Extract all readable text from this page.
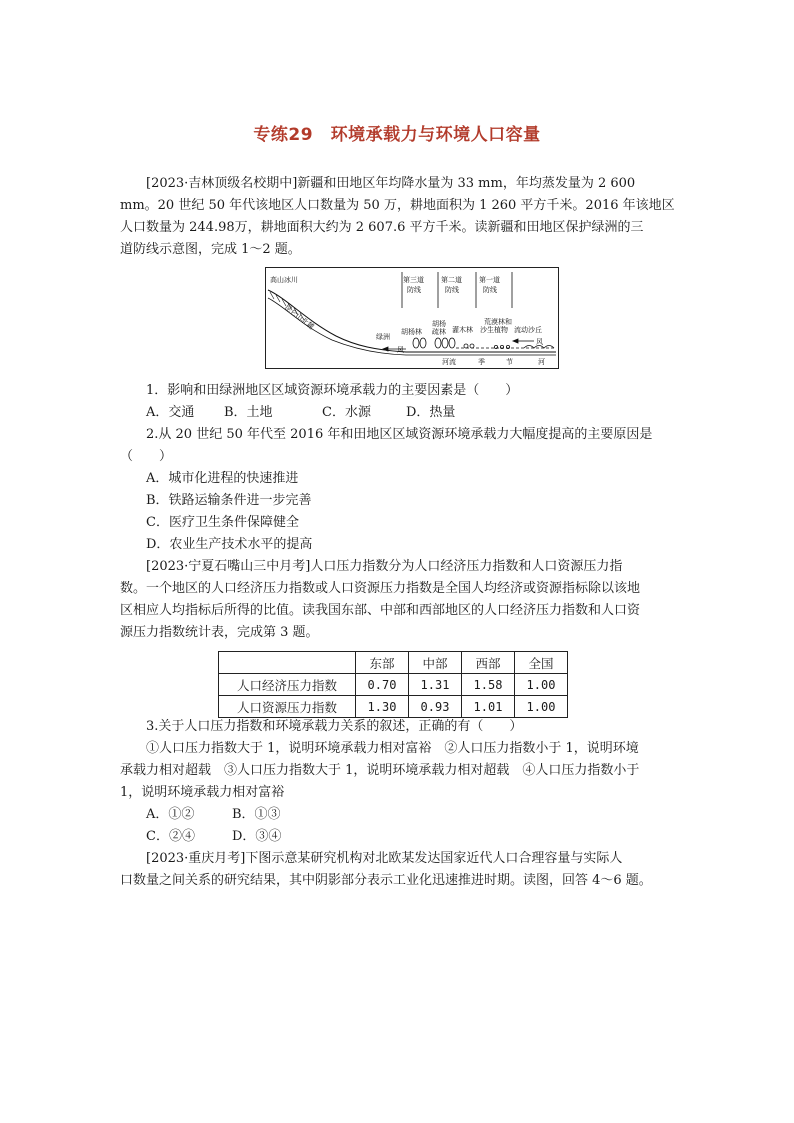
专练29　环境承载力与环境人口容量
[2023·吉林顶级名校期中]新疆和田地区年均降水量为 33 mm，年均蒸发量为 2 600
mm。20 世纪 50 年代该地区人口数量为 50 万，耕地面积为 1 260 平方千米。2016 年该地区
人口数量为 244.98万，耕地面积大约为 2 607.6 平方千米。读新疆和田地区保护绿洲的三
道防线示意图，完成 1～2 题。
高山冰川
昆仑山北麓
第三道
防线
第二道
防线
第一道
防线
绿洲
胡杨林
胡杨
疏林 灌木林
荒漠林和
沙生植物 流动沙丘
风
风
河流	季	节	河
1．影响和田绿洲地区区域资源环境承载力的主要因素是（　　）
A．交通 B．土地	C．水源	D．热量
2.从 20 世纪 50 年代至 2016 年和田地区区域资源环境承载力大幅度提高的主要原因是
（　　）
A．城市化进程的快速推进
B．铁路运输条件进一步完善
C．医疗卫生条件保障健全
D．农业生产技术水平的提高
[2023·宁夏石嘴山三中月考]人口压力指数分为人口经济压力指数和人口资源压力指
数。一个地区的人口经济压力指数或人口资源压力指数是全国人均经济或资源指标除以该地
区相应人均指标后所得的比值。读我国东部、中部和西部地区的人口经济压力指数和人口资
源压力指数统计表，完成第 3 题。
	东部	中部	西部	全国
人口经济压力指数	0.70	1.31	1.58	1.00
人口资源压力指数	1.30	0.93	1.01	1.00
3.关于人口压力指数和环境承载力关系的叙述，正确的有（　　）
①人口压力指数大于 1，说明环境承载力相对富裕　②人口压力指数小于 1，说明环境
承载力相对超载　③人口压力指数大于 1，说明环境承载力相对超载　④人口压力指数小于
1，说明环境承载力相对富裕
A．①②	B．①③
C．②④	D．③④
[2023·重庆月考]下图示意某研究机构对北欧某发达国家近代人口合理容量与实际人
口数量之间关系的研究结果，其中阴影部分表示工业化迅速推进时期。读图，回答 4～6 题。
